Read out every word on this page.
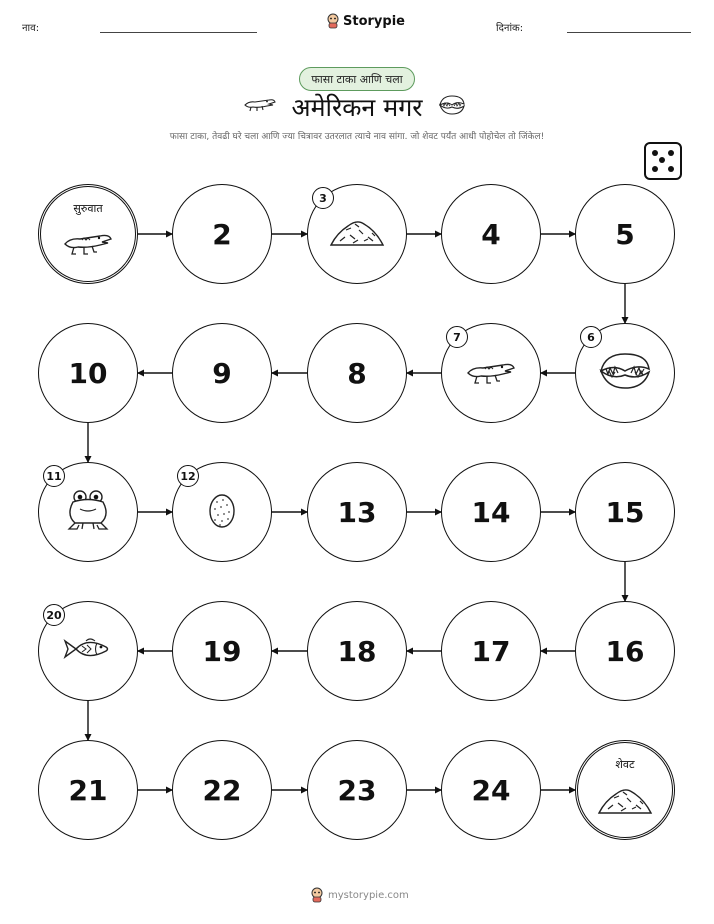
नाव:	Storypie	दिनांक:
फासा टाका आणि चला
अमेरिकन मगर
फासा टाका, तेवढी घरे चला आणि ज्या चित्रावर उतरलात त्याचे नाव सांगा. जो शेवट पर्यंत आधी पोहोचेल तो जिंकेल!
सुरुवात
2
3
4	5
6
7
8
9
10
11	12
13	14	15
16
17
18
19
20
21	22	23	24
शेवट
mystorypie.com
